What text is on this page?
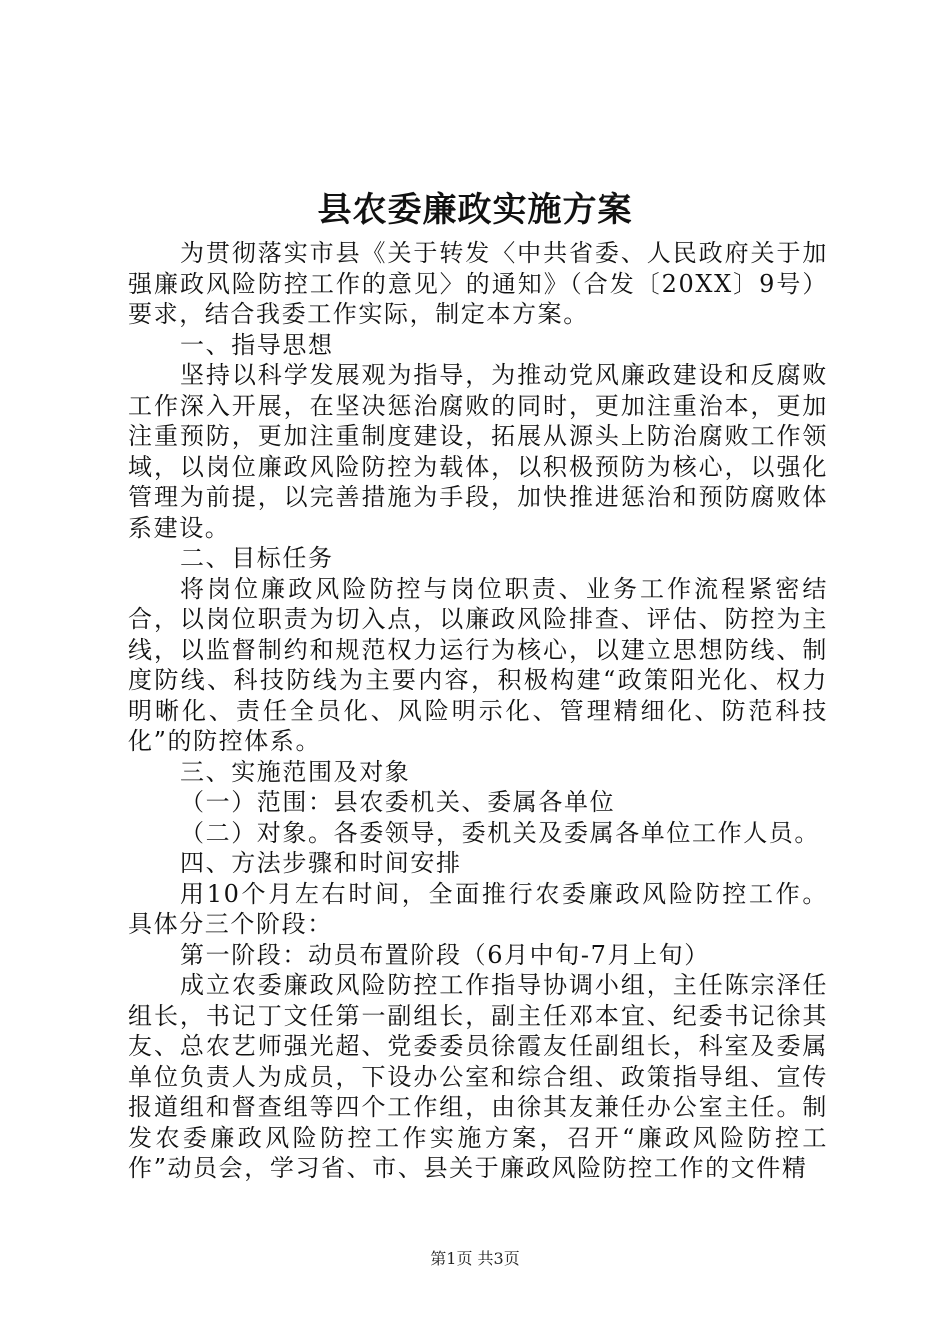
县农委廉政实施方案

为贯彻落实市县《关于转发〈中共省委、人民政府关于加强廉政风险防控工作的意见〉的通知》（合发〔20XX〕9号）要求，结合我委工作实际，制定本方案。

一、指导思想

坚持以科学发展观为指导，为推动党风廉政建设和反腐败工作深入开展，在坚决惩治腐败的同时，更加注重治本，更加注重预防，更加注重制度建设，拓展从源头上防治腐败工作领域，以岗位廉政风险防控为载体，以积极预防为核心，以强化管理为前提，以完善措施为手段，加快推进惩治和预防腐败体系建设。

二、目标任务

将岗位廉政风险防控与岗位职责、业务工作流程紧密结合，以岗位职责为切入点，以廉政风险排查、评估、防控为主线，以监督制约和规范权力运行为核心，以建立思想防线、制度防线、科技防线为主要内容，积极构建“政策阳光化、权力明晰化、责任全员化、风险明示化、管理精细化、防范科技化”的防控体系。

三、实施范围及对象

（一）范围：县农委机关、委属各单位

（二）对象。各委领导，委机关及委属各单位工作人员。

四、方法步骤和时间安排

用10个月左右时间，全面推行农委廉政风险防控工作。具体分三个阶段：

第一阶段：动员布置阶段（6月中旬-7月上旬）

成立农委廉政风险防控工作指导协调小组，主任陈宗泽任组长，书记丁文任第一副组长，副主任邓本宜、纪委书记徐其友、总农艺师强光超、党委委员徐霞友任副组长，科室及委属单位负责人为成员，下设办公室和综合组、政策指导组、宣传报道组和督查组等四个工作组，由徐其友兼任办公室主任。制发农委廉政风险防控工作实施方案，召开“廉政风险防控工作”动员会，学习省、市、县关于廉政风险防控工作的文件精

第1页 共3页
